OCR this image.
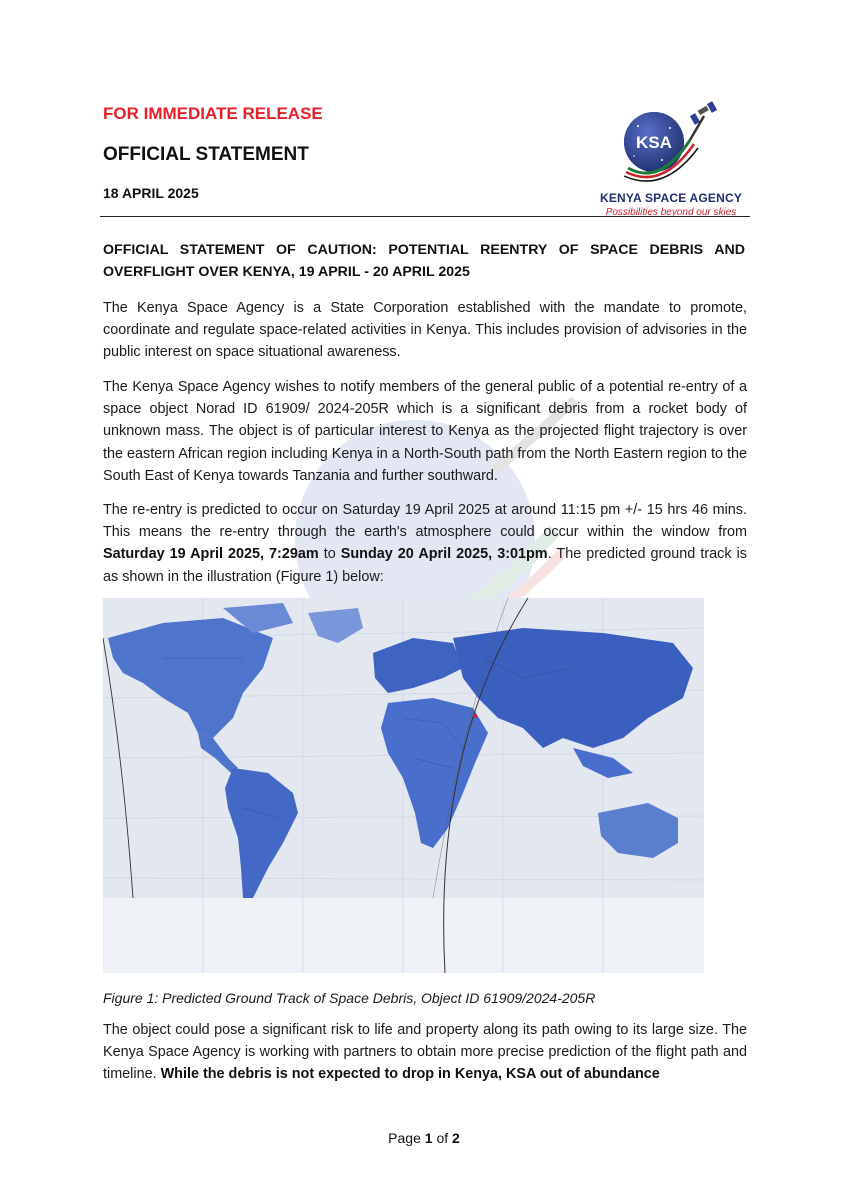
FOR IMMEDIATE RELEASE
OFFICIAL STATEMENT
18 APRIL 2025
KSA
KENYA SPACE AGENCY
Possibilities beyond our skies
OFFICIAL STATEMENT OF CAUTION: POTENTIAL REENTRY OF SPACE DEBRIS AND OVERFLIGHT OVER KENYA, 19 APRIL - 20 APRIL 2025
The Kenya Space Agency is a State Corporation established with the mandate to promote, coordinate and regulate space-related activities in Kenya. This includes provision of advisories in the public interest on space situational awareness.
The Kenya Space Agency wishes to notify members of the general public of a potential re-entry of a space object Norad ID 61909/ 2024-205R which is a significant debris from a rocket body of unknown mass. The object is of particular interest to Kenya as the projected flight trajectory is over the eastern African region including Kenya in a North-South path from the North Eastern region to the South East of Kenya towards Tanzania and further southward.
The re-entry is predicted to occur on Saturday 19 April 2025 at around 11:15 pm +/- 15 hrs 46 mins. This means the re-entry through the earth's atmosphere could occur within the window from Saturday 19 April 2025, 7:29am to Sunday 20 April 2025, 3:01pm. The predicted ground track is as shown in the illustration (Figure 1) below:
Figure 1: Predicted Ground Track of Space Debris, Object ID 61909/2024-205R
The object could pose a significant risk to life and property along its path owing to its large size. The Kenya Space Agency is working with partners to obtain more precise prediction of the flight path and timeline. While the debris is not expected to drop in Kenya, KSA out of abundance
Page 1 of 2
